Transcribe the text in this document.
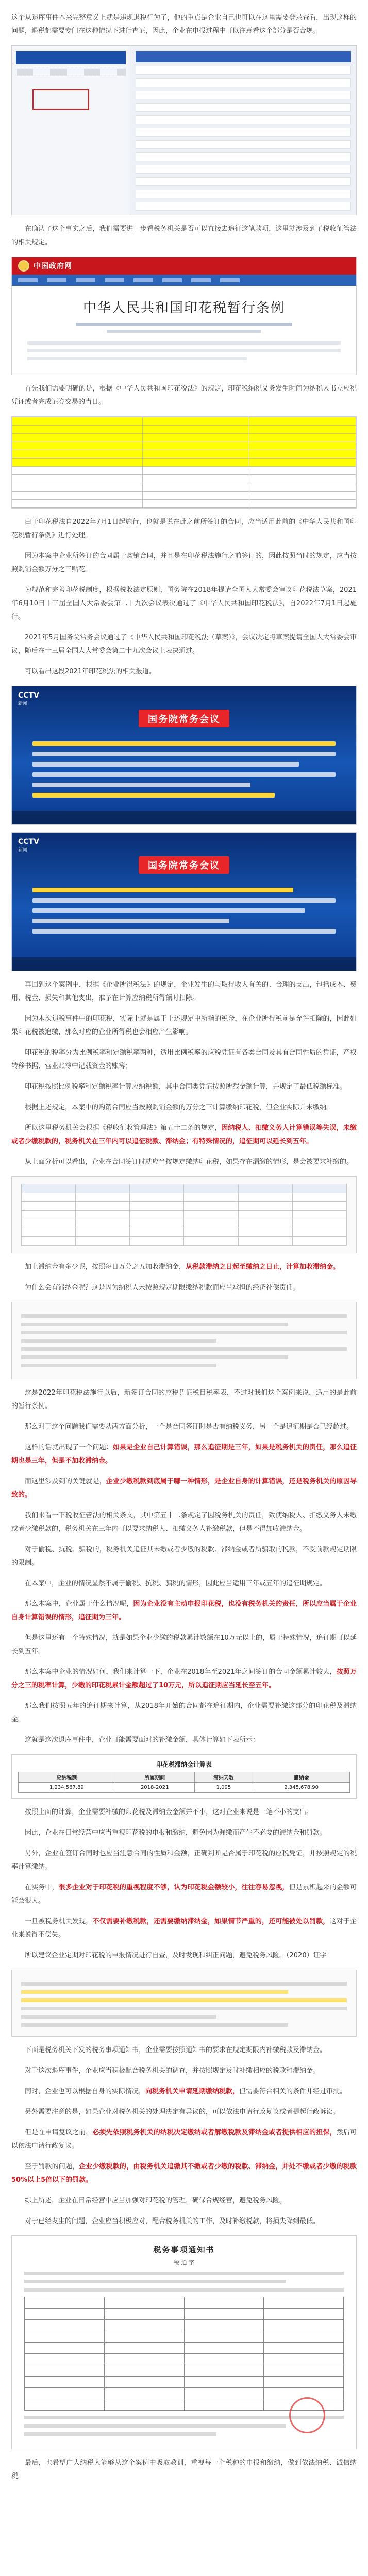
这个从退库事件本来完整意义上就是违规退税行为了，他的重点是企业自己也可以在这里需要登录查看，出现这样的问题，退税都需要专门在这种情况下进行查证，因此，企业在申报过程中可以注意看这个部分是否合规。

在确认了这个事实之后，我们需要进一步看税务机关是否可以直接去追征这笔款项，这里就涉及到了税收征管法的相关规定。

中国政府网
中华人民共和国印花税暂行条例

首先我们需要明确的是，根据《中华人民共和国印花税法》的规定，印花税纳税义务发生时间为纳税人书立应税凭证或者完成证券交易的当日。

由于印花税法自2022年7月1日起施行，也就是说在此之前所签订的合同，应当适用此前的《中华人民共和国印花税暂行条例》进行处理。

因为本案中企业所签订的合同属于购销合同，并且是在印花税法施行之前签订的，因此按照当时的规定，应当按照购销金额万分之三贴花。

为规范和完善印花税制度，根据税收法定原则，国务院在2018年提请全国人大常委会审议印花税法草案，2021年6月10日十三届全国人大常委会第二十九次会议表决通过了《中华人民共和国印花税法》，自2022年7月1日起施行。

2021年5月国务院常务会议通过了《中华人民共和国印花税法（草案）》，会议决定将草案提请全国人大常委会审议，随后在十三届全国人大常委会第二十九次会议上表决通过。

可以看出这段2021年印花税法的相关报道。

CCTV
新闻
国务院常务会议
CCTV
新闻
国务院常务会议

再回到这个案例中，根据《企业所得税法》的规定，企业发生的与取得收入有关的、合理的支出，包括成本、费用、税金、损失和其他支出，准予在计算应纳税所得额时扣除。

因为本次退税事件中的印花税，实际上就是属于上述规定中所指的税金，在企业所得税前是允许扣除的，因此如果印花税被追缴，那么对应的企业所得税也会相应产生影响。

印花税的税率分为比例税率和定额税率两种，适用比例税率的应税凭证有各类合同及具有合同性质的凭证，产权转移书据、营业账簿中记载资金的账簿；

印花税按照比例税率和定额税率计算应纳税额，其中合同类凭证按照所载金额计算，并规定了最低税额标准。

根据上述规定，本案中的购销合同应当按照购销金额的万分之三计算缴纳印花税，但企业实际并未缴纳。

所以这里税务机关会根据《税收征收管理法》第五十二条的规定，因纳税人、扣缴义务人计算错误等失误，未缴或者少缴税款的，税务机关在三年内可以追征税款、滞纳金；有特殊情况的，追征期可以延长到五年。

从上面分析可以看出，企业在合同签订时就应当按规定缴纳印花税，如果存在漏缴的情形，是会被要求补缴的。

加上滞纳金有多少呢，按照每日万分之五加收滞纳金，从税款滞纳之日起至缴纳之日止，计算加收滞纳金。

为什么会有滞纳金呢？这是因为纳税人未按照规定期限缴纳税款而应当承担的经济补偿责任。

这是2022年印花税法施行以后，新签订合同的应税凭证税目税率表，不过对我们这个案例来说，适用的是此前的暂行条例。

那么对于这个问题我们需要从两方面分析，一个是合同签订时是否有纳税义务，另一个是追征期是否已经超过。

这样的话就出现了一个问题：如果是企业自己计算错误，那么追征期是三年，如果是税务机关的责任，那么追征期也是三年，但是不加收滞纳金。

而这里涉及到的关键就是，企业少缴税款到底属于哪一种情形，是企业自身的计算错误，还是税务机关的原因导致的。

我们来看一下税收征管法的相关条文，其中第五十二条规定了因税务机关的责任，致使纳税人、扣缴义务人未缴或者少缴税款的，税务机关在三年内可以要求纳税人、扣缴义务人补缴税款，但是不得加收滞纳金。

对于偷税、抗税、骗税的，税务机关追征其未缴或者少缴的税款、滞纳金或者所骗取的税款，不受前款规定期限的限制。

在本案中，企业的情况显然不属于偷税、抗税、骗税的情形，因此应当适用三年或五年的追征期规定。

那么本案中，企业属于什么情况呢，因为企业没有主动申报印花税，也没有税务机关的责任，所以应当属于企业自身计算错误的情形，追征期为三年。

但是这里还有一个特殊情况，就是如果企业少缴的税款累计数额在10万元以上的，属于特殊情况，追征期可以延长到五年。

那么本案中企业的情况如何，我们来计算一下，企业在2018年至2021年之间签订的合同金额累计较大，按照万分之三的税率计算，少缴的印花税累计金额超过了10万元，所以追征期应当延长至五年。

那么我们按照五年的追征期来计算，从2018年开始的合同都在追征期内，企业需要补缴这部分的印花税及滞纳金。

这就是这次退库事件中，企业可能需要面对的补缴金额，具体计算如下表所示：

印花税滞纳金计算表
应纳税额	所属期间	滞纳天数	滞纳金
1,234,567.89	2018-2021	1,095	2,345,678.90

按照上面的计算，企业需要补缴的印花税及滞纳金金额并不小，这对企业来说是一笔不小的支出。

因此，企业在日常经营中应当重视印花税的申报和缴纳，避免因为漏缴而产生不必要的滞纳金和罚款。

另外，企业在签订合同时也应当注意合同的性质和金额，正确判断是否属于印花税的应税凭证，并按照规定的税率计算缴纳。

在实务中，很多企业对于印花税的重视程度不够，认为印花税金额较小，往往容易忽视，但是累积起来的金额可能会很大。

一旦被税务机关发现，不仅需要补缴税款，还需要缴纳滞纳金，如果情节严重的，还可能被处以罚款，这对于企业来说得不偿失。

所以建议企业定期对印花税的申报情况进行自查，及时发现和纠正问题，避免税务风险。（2020）证字

下面是税务机关下发的税务事项通知书，企业需要按照通知书的要求在规定期限内补缴税款及滞纳金。

对于这次退库事件，企业应当积极配合税务机关的调查，并按照规定及时补缴相应的税款和滞纳金。

同时，企业也可以根据自身的实际情况，向税务机关申请延期缴纳税款，但需要符合相关的条件并经过审批。

另外需要注意的是，如果企业对税务机关的处理决定有异议的，可以依法申请行政复议或者提起行政诉讼。

但是在申请复议之前，必须先依照税务机关的纳税决定缴纳或者解缴税款及滞纳金或者提供相应的担保，然后可以依法申请行政复议。

至于罚款的问题，企业少缴税款的，由税务机关追缴其不缴或者少缴的税款、滞纳金，并处不缴或者少缴的税款50%以上5倍以下的罚款。

综上所述，企业在日常经营中应当加强对印花税的管理，确保合规经营，避免税务风险。

对于已经发生的问题，企业应当积极应对，配合税务机关的工作，及时补缴税款，将损失降到最低。

税务事项通知书
税 通 字

最后，也希望广大纳税人能够从这个案例中吸取教训，重视每一个税种的申报和缴纳，做到依法纳税、诚信纳税。
